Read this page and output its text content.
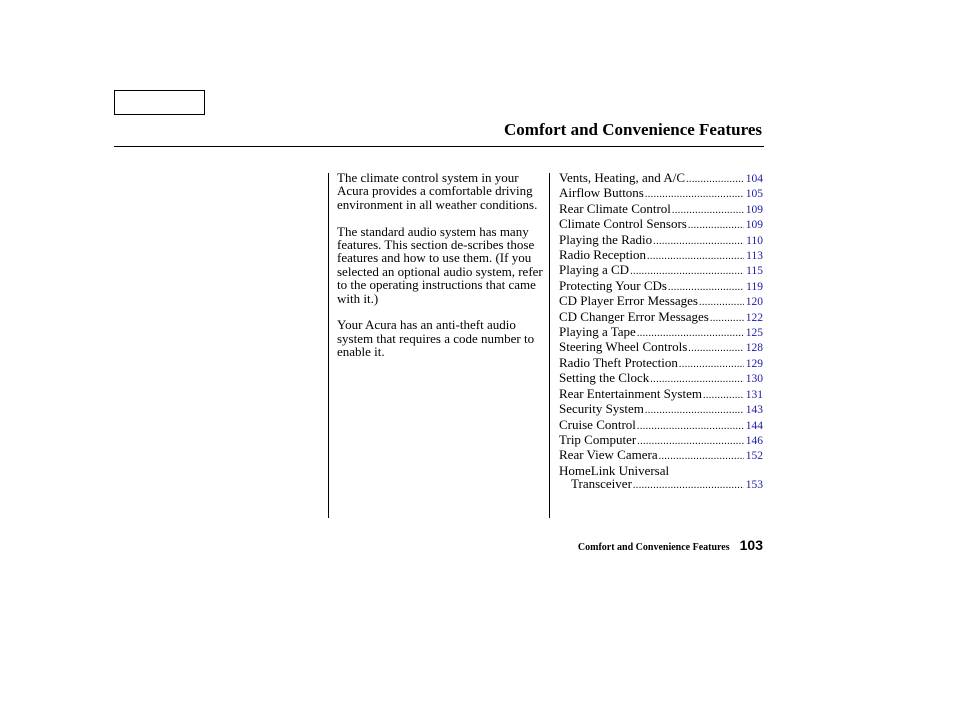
Comfort and Convenience Features

The climate control system in your Acura provides a comfortable driving environment in all weather conditions.

The standard audio system has many features. This section de-scribes those features and how to use them. (If you selected an optional audio system, refer to the operating instructions that came with it.)

Your Acura has an anti-theft audio system that requires a code number to enable it.

Vents, Heating, and A/C .....	104
Airflow Buttons .....	105
Rear Climate Control .....	109
Climate Control Sensors .....	109
Playing the Radio .....	110
Radio Reception .....	113
Playing a CD .....	115
Protecting Your CDs .....	119
CD Player Error Messages .....	120
CD Changer Error Messages .....	122
Playing a Tape .....	125
Steering Wheel Controls .....	128
Radio Theft Protection .....	129
Setting the Clock .....	130
Rear Entertainment System .....	131
Security System .....	143
Cruise Control .....	144
Trip Computer .....	146
Rear View Camera .....	152
HomeLink Universal
Transceiver .....	153
Comfort and Convenience Features 103
